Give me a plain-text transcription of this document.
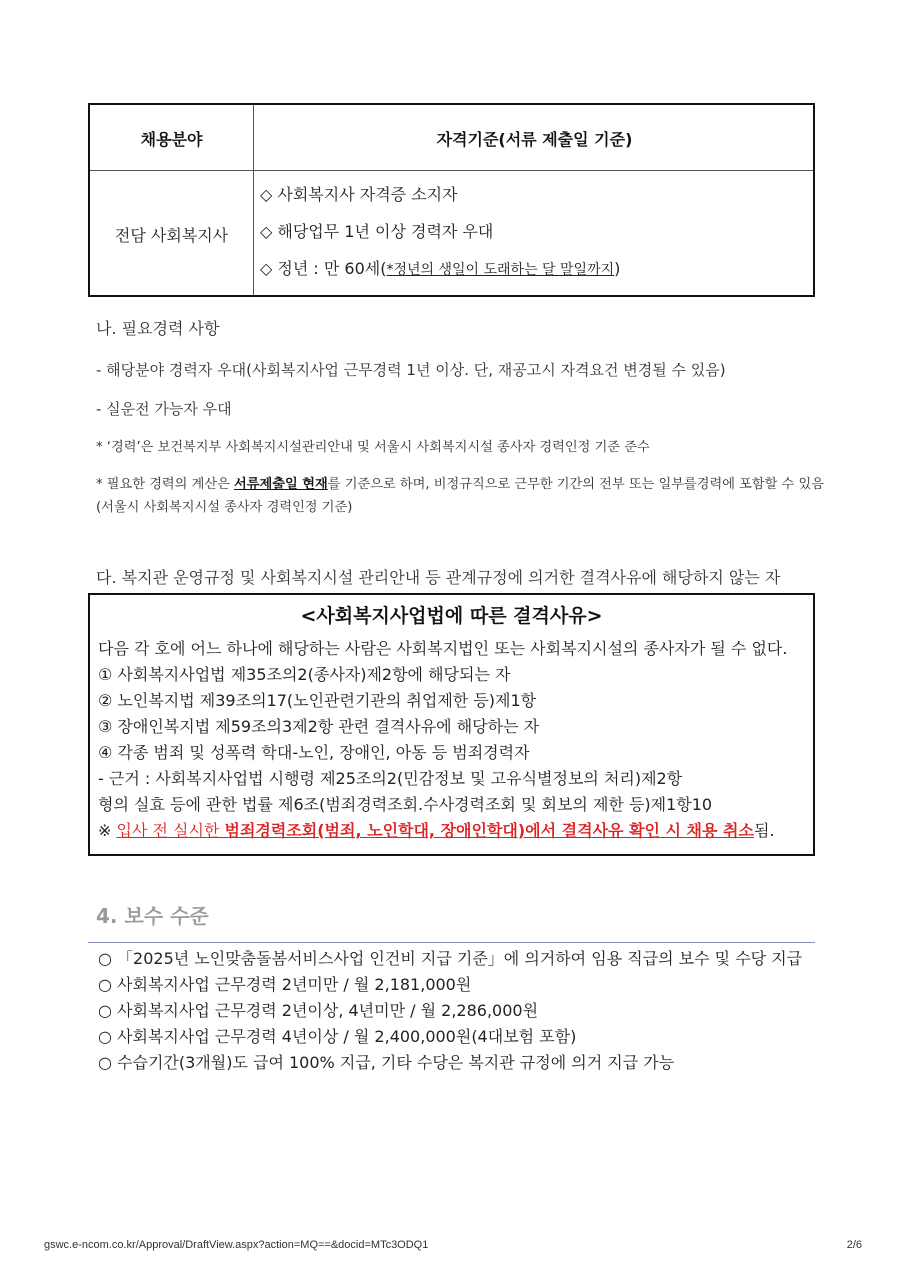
채용분야	자격기준(서류 제출일 기준)
전담 사회복지사
◇ 사회복지사 자격증 소지자
◇ 해당업무 1년 이상 경력자 우대
◇ 정년 : 만 60세(*정년의 생일이 도래하는 달 말일까지)
나. 필요경력 사항
- 해당분야 경력자 우대(사회복지사업 근무경력 1년 이상. 단, 재공고시 자격요건 변경될 수 있음)
- 실운전 가능자 우대
* ‘경력’은 보건복지부 사회복지시설관리안내 및 서울시 사회복지시설 종사자 경력인정 기준 준수
* 필요한 경력의 계산은 서류제출일 현재를 기준으로 하며, 비정규직으로 근무한 기간의 전부 또는 일부를경력에 포함할 수 있음
(서울시 사회복지시설 종사자 경력인정 기준)
다. 복지관 운영규정 및 사회복지시설 관리안내 등 관계규정에 의거한 결격사유에 해당하지 않는 자
<사회복지사업법에 따른 결격사유>
다음 각 호에 어느 하나에 해당하는 사람은 사회복지법인 또는 사회복지시설의 종사자가 될 수 없다.
① 사회복지사업법 제35조의2(종사자)제2항에 해당되는 자
② 노인복지법 제39조의17(노인관련기관의 취업제한 등)제1항
③ 장애인복지법 제59조의3제2항 관련 결격사유에 해당하는 자
④ 각종 범죄 및 성폭력 학대-노인, 장애인, 아동 등 범죄경력자
- 근거 : 사회복지사업법 시행령 제25조의2(민감정보 및 고유식별정보의 처리)제2항
형의 실효 등에 관한 법률 제6조(범죄경력조회.수사경력조회 및 회보의 제한 등)제1항10
※ 입사 전 실시한 범죄경력조회(범죄, 노인학대, 장애인학대)에서 결격사유 확인 시 채용 취소됨.
4. 보수 수준
○ 「2025년 노인맞춤돌봄서비스사업 인건비 지급 기준」에 의거하여 임용 직급의 보수 및 수당 지급
○ 사회복지사업 근무경력 2년미만 / 월 2,181,000원
○ 사회복지사업 근무경력 2년이상, 4년미만 / 월 2,286,000원
○ 사회복지사업 근무경력 4년이상 / 월 2,400,000원(4대보험 포함)
○ 수습기간(3개월)도 급여 100% 지급, 기타 수당은 복지관 규정에 의거 지급 가능
gswc.e-ncom.co.kr/Approval/DraftView.aspx?action=MQ==&docid=MTc3ODQ1	2/6
